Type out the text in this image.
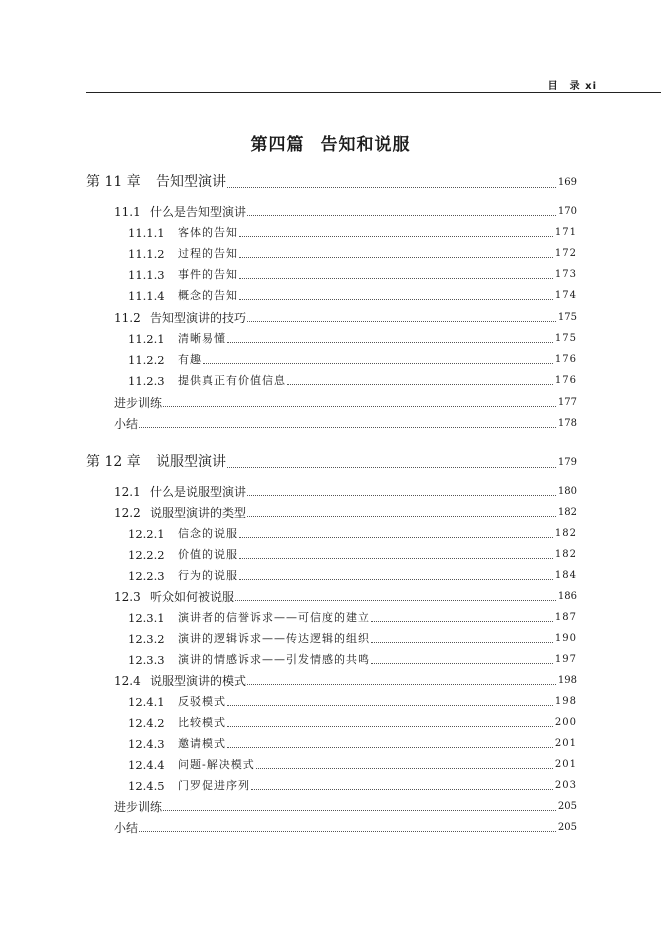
目　录 xi
第四篇 告知和说服
第 11 章	告知型演讲	169
11.1 什么是告知型演讲	170
11.1.1	客体的告知	171
11.1.2	过程的告知	172
11.1.3	事件的告知	173
11.1.4	概念的告知	174
11.2 告知型演讲的技巧	175
11.2.1	清晰易懂	175
11.2.2	有趣	176
11.2.3	提供真正有价值信息	176
进步训练	177
小结	178
第 12 章	说服型演讲	179
12.1 什么是说服型演讲	180
12.2 说服型演讲的类型	182
12.2.1	信念的说服	182
12.2.2	价值的说服	182
12.2.3	行为的说服	184
12.3 听众如何被说服	186
12.3.1	演讲者的信誉诉求——可信度的建立	187
12.3.2	演讲的逻辑诉求——传达逻辑的组织	190
12.3.3	演讲的情感诉求——引发情感的共鸣	197
12.4 说服型演讲的模式	198
12.4.1	反驳模式	198
12.4.2	比较模式	200
12.4.3	邀请模式	201
12.4.4	问题-解决模式	201
12.4.5	门罗促进序列	203
进步训练	205
小结	205
